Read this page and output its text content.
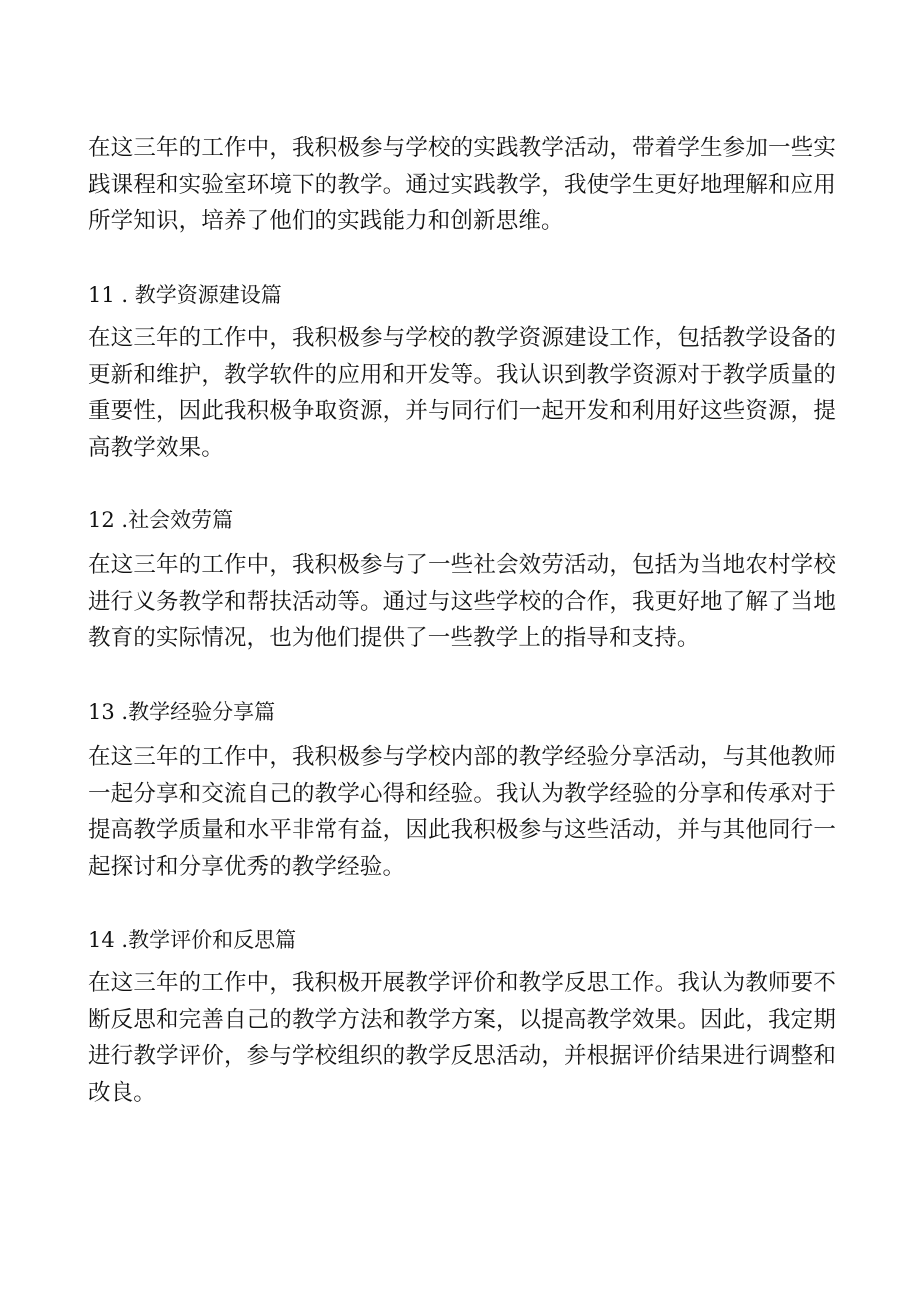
在这三年的工作中，我积极参与学校的实践教学活动，带着学生参加一些实践课程和实验室环境下的教学。通过实践教学，我使学生更好地理解和应用所学知识，培养了他们的实践能力和创新思维。

11 . 教学资源建设篇

在这三年的工作中，我积极参与学校的教学资源建设工作，包括教学设备的更新和维护，教学软件的应用和开发等。我认识到教学资源对于教学质量的重要性，因此我积极争取资源，并与同行们一起开发和利用好这些资源，提高教学效果。

12 .社会效劳篇

在这三年的工作中，我积极参与了一些社会效劳活动，包括为当地农村学校进行义务教学和帮扶活动等。通过与这些学校的合作，我更好地了解了当地教育的实际情况，也为他们提供了一些教学上的指导和支持。

13 .教学经验分享篇

在这三年的工作中，我积极参与学校内部的教学经验分享活动，与其他教师一起分享和交流自己的教学心得和经验。我认为教学经验的分享和传承对于提高教学质量和水平非常有益，因此我积极参与这些活动，并与其他同行一起探讨和分享优秀的教学经验。

14 .教学评价和反思篇

在这三年的工作中，我积极开展教学评价和教学反思工作。我认为教师要不断反思和完善自己的教学方法和教学方案，以提高教学效果。因此，我定期进行教学评价，参与学校组织的教学反思活动，并根据评价结果进行调整和改良。
